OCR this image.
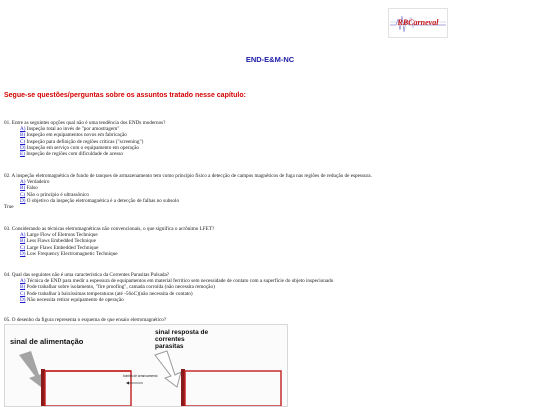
RBCarneval
END-E&M-NC
Segue-se questões/perguntas sobre os assuntos tratado nesse capítulo:
01. Entre as seguintes opções qual não é uma tendência dos ENDs modernos?
A) Inspeção total ao invés de "por amostragem"
B) Inspeção em equipamentos novos em fabricação
C) Inspeção para definição de regiões críticas ("screening")
D) Inspeção em serviço com o equipamento em operação
E) Inspeção de regiões com dificuldade de acesso
02. A inspeção eletromagnética de fundo de tanques de armazenamento tem como princípio físico a detecção de campos magnéticos de fuga nas regiões de redução de espessura.
A) Verdadeiro
B) Falso
C) Não o princípio é ultrassônico
D) O objetivo da inspeção eletromagnética é a detecção de falhas no subsolo
True
03. Considerando as técnicas eletromagnéticas não convencionais, o que significa o acrônimo LFET?
A) Large Flow of Eletrons Technique
B) Less Flaws Embedded Technique
C) Large Flaws Embedded Technique
D) Low Frequency Electromagnetic Technique
04. Qual das seguintes não é uma característica da Correntes Parasitas Pulsada?
A) Técnica de END para medir a espessura de equipamentos em material ferrítico sem necessidade de contato com a superfície do objeto inspecionado
B) Pode trabalhar sobre isolamento, "fire proofing", camada corroída (não necessita remoção)
C) Pode trabalhar à baixíssimas temperaturas (até -56oC)(não necessita de contato)
D) Não necessita retirar equipamento de operação
05. O desenho da figura representa o esquema de que ensaio eletromagnético?
sinal de alimentação
bobina de arrancamento
sinal resposta de correntes parasitas
